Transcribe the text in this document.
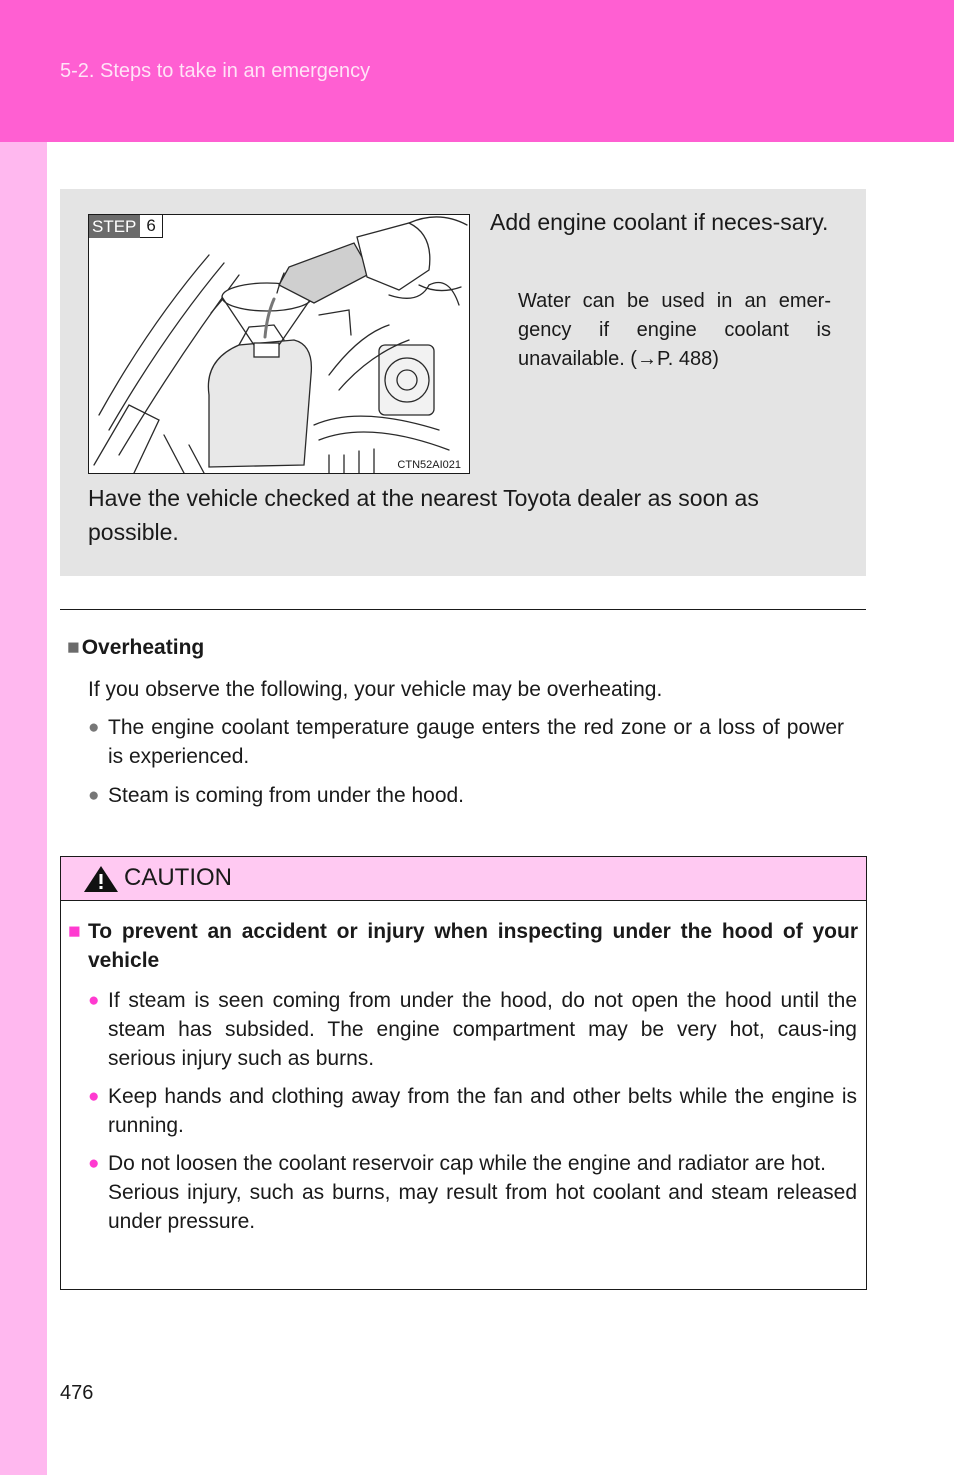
5-2. Steps to take in an emergency
STEP 6
CTN52AI021
Add engine coolant if neces-sary.
Water can be used in an emer-gency if engine coolant is unavailable. (→P. 488)
Have the vehicle checked at the nearest Toyota dealer as soon as possible.
■Overheating
If you observe the following, your vehicle may be overheating.
● The engine coolant temperature gauge enters the red zone or a loss of power is experienced.
● Steam is coming from under the hood.
CAUTION
■ To prevent an accident or injury when inspecting under the hood of your vehicle
● If steam is seen coming from under the hood, do not open the hood until the steam has subsided. The engine compartment may be very hot, caus-ing serious injury such as burns.
● Keep hands and clothing away from the fan and other belts while the engine is running.
● Do not loosen the coolant reservoir cap while the engine and radiator are hot.
Serious injury, such as burns, may result from hot coolant and steam released under pressure.
476
